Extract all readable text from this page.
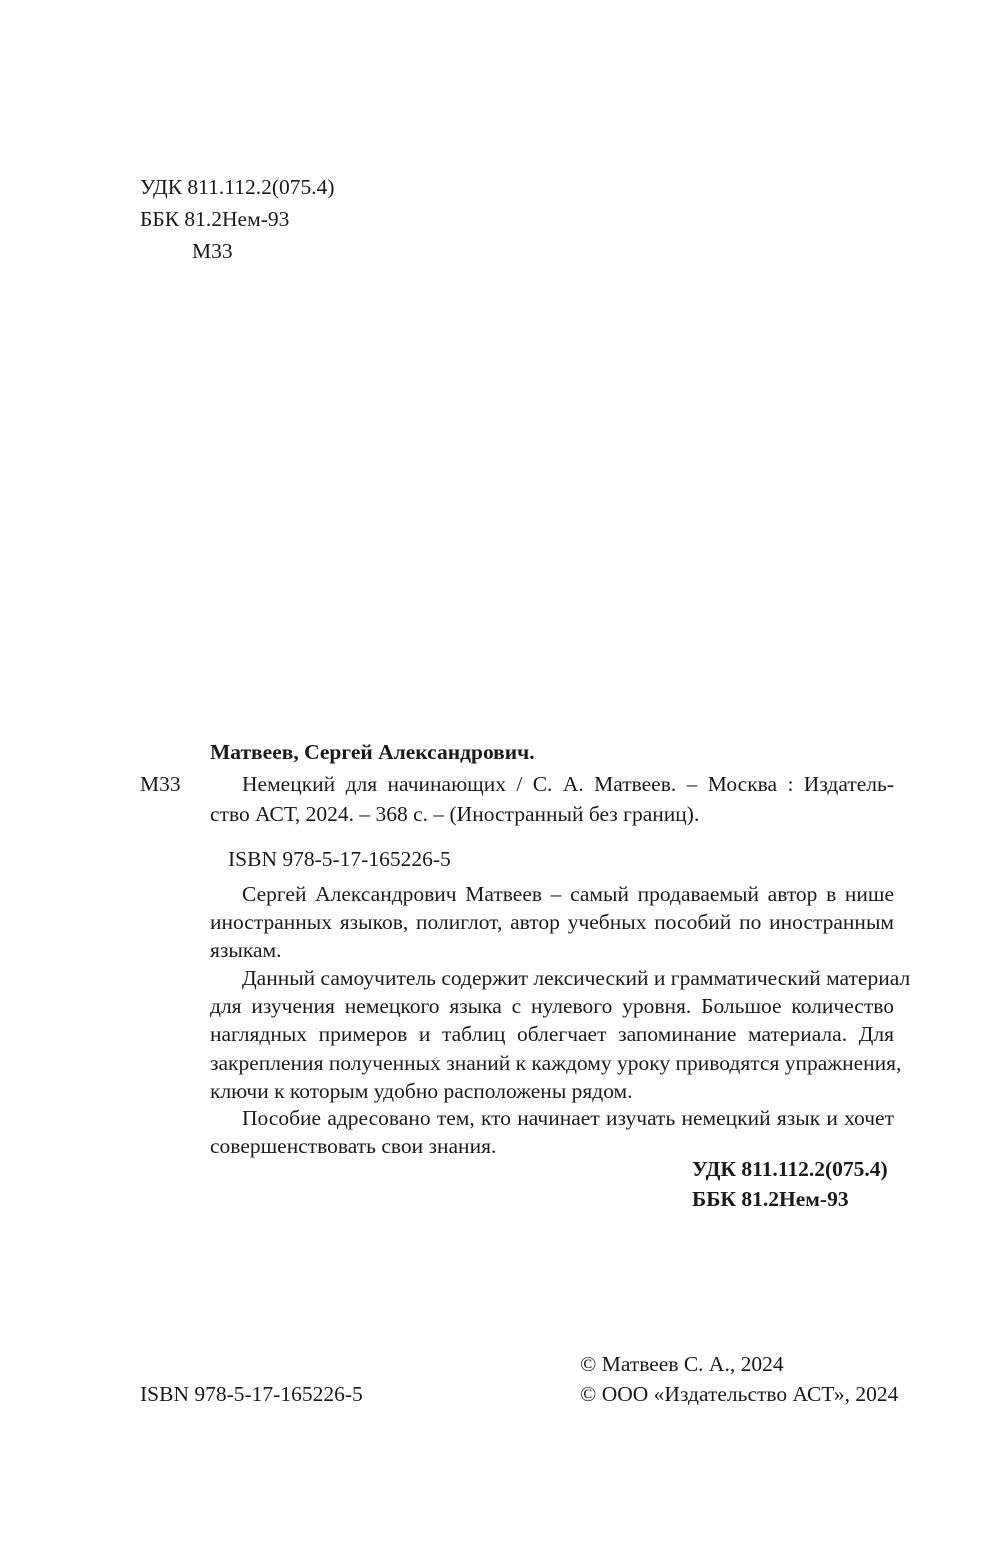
УДК 811.112.2(075.4)
ББК 81.2Нем-93
М33
Матвеев, Сергей Александрович.
М33	Немецкий для начинающих / С. А. Матвеев. – Москва : Издатель-
ство АСТ, 2024. – 368 с. – (Иностранный без границ).
ISBN 978-5-17-165226-5
Сергей Александрович Матвеев – самый продаваемый автор в нише
иностранных языков, полиглот, автор учебных пособий по иностранным
языкам.
Данный самоучитель содержит лексический и грамматический материал
для изучения немецкого языка с нулевого уровня. Большое количество
наглядных примеров и таблиц облегчает запоминание материала. Для
закрепления полученных знаний к каждому уроку приводятся упражнения,
ключи к которым удобно расположены рядом.
Пособие адресовано тем, кто начинает изучать немецкий язык и хочет
совершенствовать свои знания.
УДК 811.112.2(075.4)
ББК 81.2Нем-93
© Матвеев С. А., 2024
ISBN 978-5-17-165226-5	© ООО «Издательство АСТ», 2024
